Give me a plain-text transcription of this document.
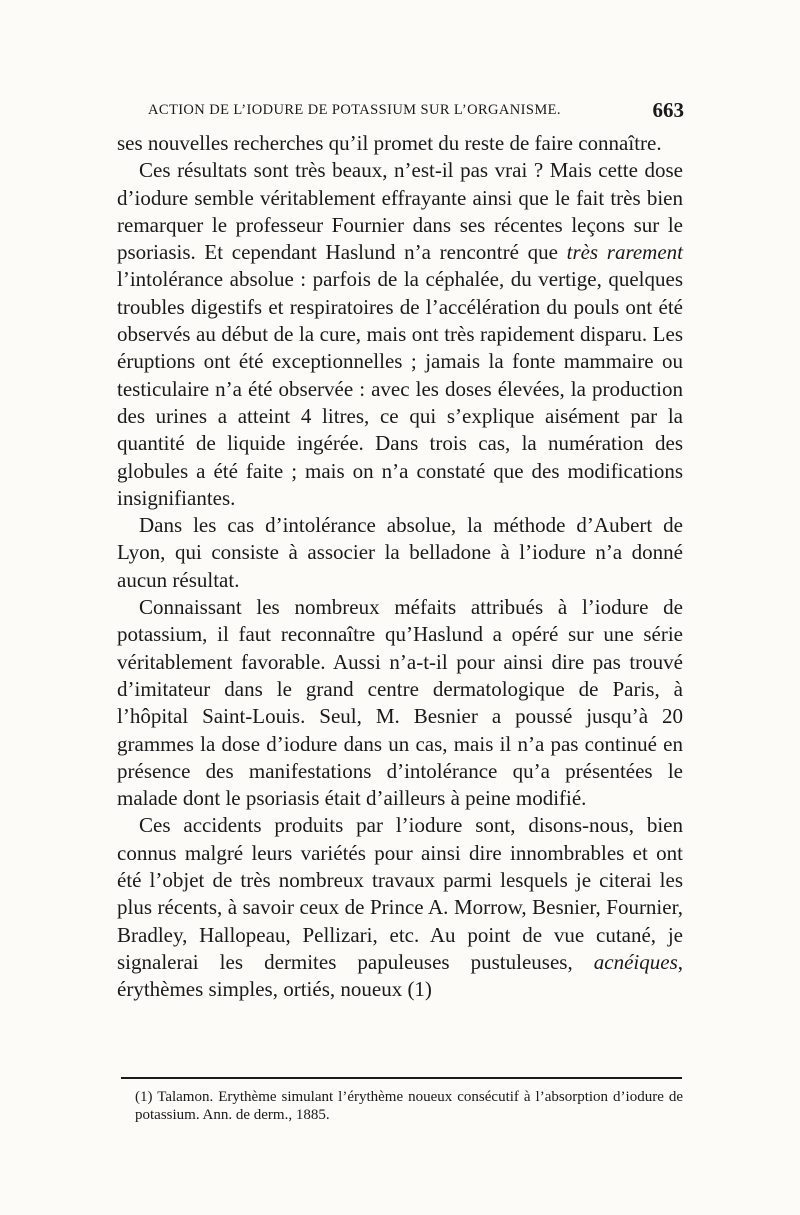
ACTION DE L’IODURE DE POTASSIUM SUR L’ORGANISME.	663

ses nouvelles recherches qu’il promet du reste de faire connaître.

Ces résultats sont très beaux, n’est-il pas vrai ? Mais cette dose d’iodure semble véritablement effrayante ainsi que le fait très bien remarquer le professeur Fournier dans ses récentes leçons sur le psoriasis. Et cependant Haslund n’a rencontré que très rarement l’intolérance absolue : parfois de la céphalée, du vertige, quelques troubles digestifs et respiratoires de l’accélération du pouls ont été observés au début de la cure, mais ont très rapidement disparu. Les éruptions ont été exceptionnelles ; jamais la fonte mammaire ou testiculaire n’a été observée : avec les doses élevées, la production des urines a atteint 4 litres, ce qui s’explique aisément par la quantité de liquide ingérée. Dans trois cas, la numération des globules a été faite ; mais on n’a constaté que des modifications insignifiantes.

Dans les cas d’intolérance absolue, la méthode d’Aubert de Lyon, qui consiste à associer la belladone à l’iodure n’a donné aucun résultat.

Connaissant les nombreux méfaits attribués à l’iodure de potassium, il faut reconnaître qu’Haslund a opéré sur une série véritablement favorable. Aussi n’a-t-il pour ainsi dire pas trouvé d’imitateur dans le grand centre dermatologique de Paris, à l’hôpital Saint-Louis. Seul, M. Besnier a poussé jusqu’à 20 grammes la dose d’iodure dans un cas, mais il n’a pas continué en présence des manifestations d’intolérance qu’a présentées le malade dont le psoriasis était d’ailleurs à peine modifié.

Ces accidents produits par l’iodure sont, disons-nous, bien connus malgré leurs variétés pour ainsi dire innombrables et ont été l’objet de très nombreux travaux parmi lesquels je citerai les plus récents, à savoir ceux de Prince A. Morrow, Besnier, Fournier, Bradley, Hallopeau, Pellizari, etc. Au point de vue cutané, je signalerai les dermites papuleuses pustuleuses, acnéiques, érythèmes simples, ortiés, noueux (1)

(1) Talamon. Erythème simulant l’érythème noueux consécutif à l’absorption d’iodure de potassium. Ann. de derm., 1885.
